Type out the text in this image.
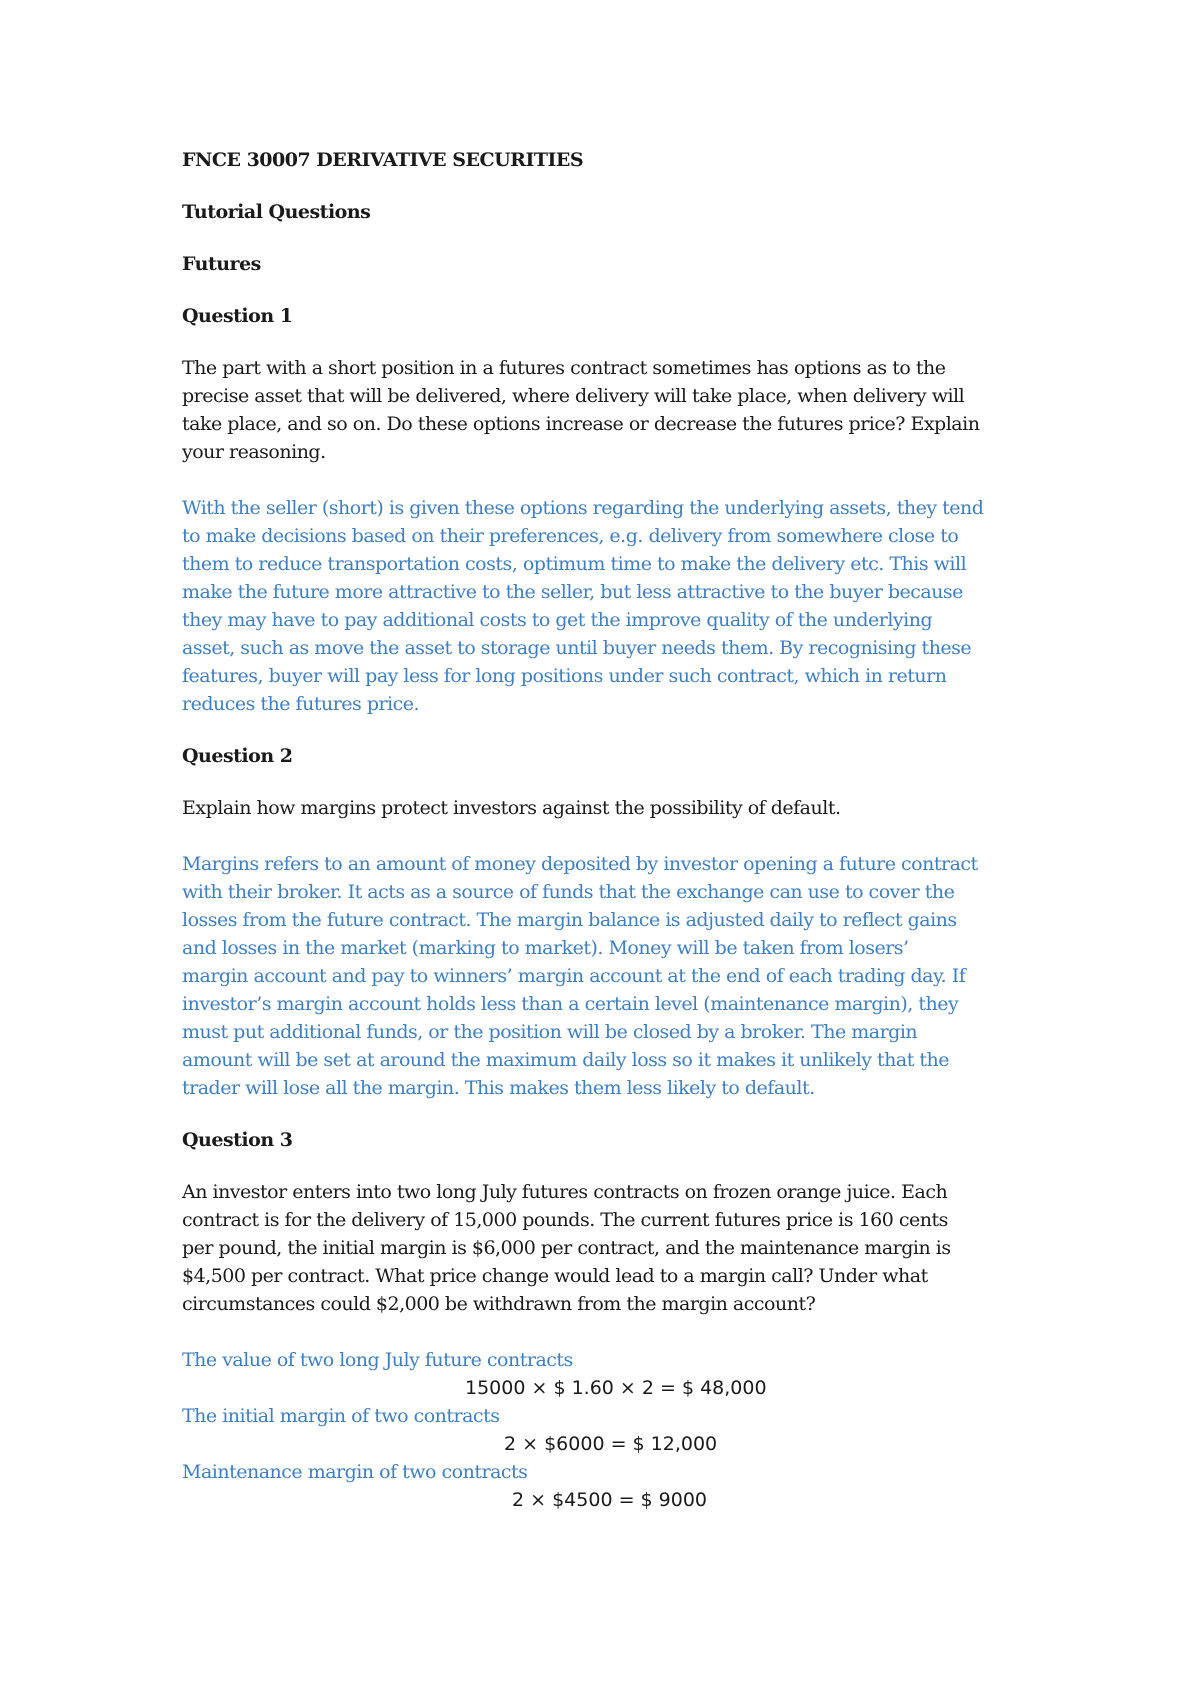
FNCE 30007 DERIVATIVE SECURITIES
Tutorial Questions
Futures
Question 1
The part with a short position in a futures contract sometimes has options as to the
precise asset that will be delivered, where delivery will take place, when delivery will
take place, and so on. Do these options increase or decrease the futures price? Explain
your reasoning.
With the seller (short) is given these options regarding the underlying assets, they tend
to make decisions based on their preferences, e.g. delivery from somewhere close to
them to reduce transportation costs, optimum time to make the delivery etc. This will
make the future more attractive to the seller, but less attractive to the buyer because
they may have to pay additional costs to get the improve quality of the underlying
asset, such as move the asset to storage until buyer needs them. By recognising these
features, buyer will pay less for long positions under such contract, which in return
reduces the futures price.
Question 2
Explain how margins protect investors against the possibility of default.
Margins refers to an amount of money deposited by investor opening a future contract
with their broker. It acts as a source of funds that the exchange can use to cover the
losses from the future contract. The margin balance is adjusted daily to reflect gains
and losses in the market (marking to market). Money will be taken from losers’
margin account and pay to winners’ margin account at the end of each trading day. If
investor’s margin account holds less than a certain level (maintenance margin), they
must put additional funds, or the position will be closed by a broker. The margin
amount will be set at around the maximum daily loss so it makes it unlikely that the
trader will lose all the margin. This makes them less likely to default.
Question 3
An investor enters into two long July futures contracts on frozen orange juice. Each
contract is for the delivery of 15,000 pounds. The current futures price is 160 cents
per pound, the initial margin is $6,000 per contract, and the maintenance margin is
$4,500 per contract. What price change would lead to a margin call? Under what
circumstances could $2,000 be withdrawn from the margin account?
The value of two long July future contracts
15000 × $ 1.60 × 2 = $ 48,000
The initial margin of two contracts
2 × $6000 = $ 12,000
Maintenance margin of two contracts
2 × $4500 = $ 9000
